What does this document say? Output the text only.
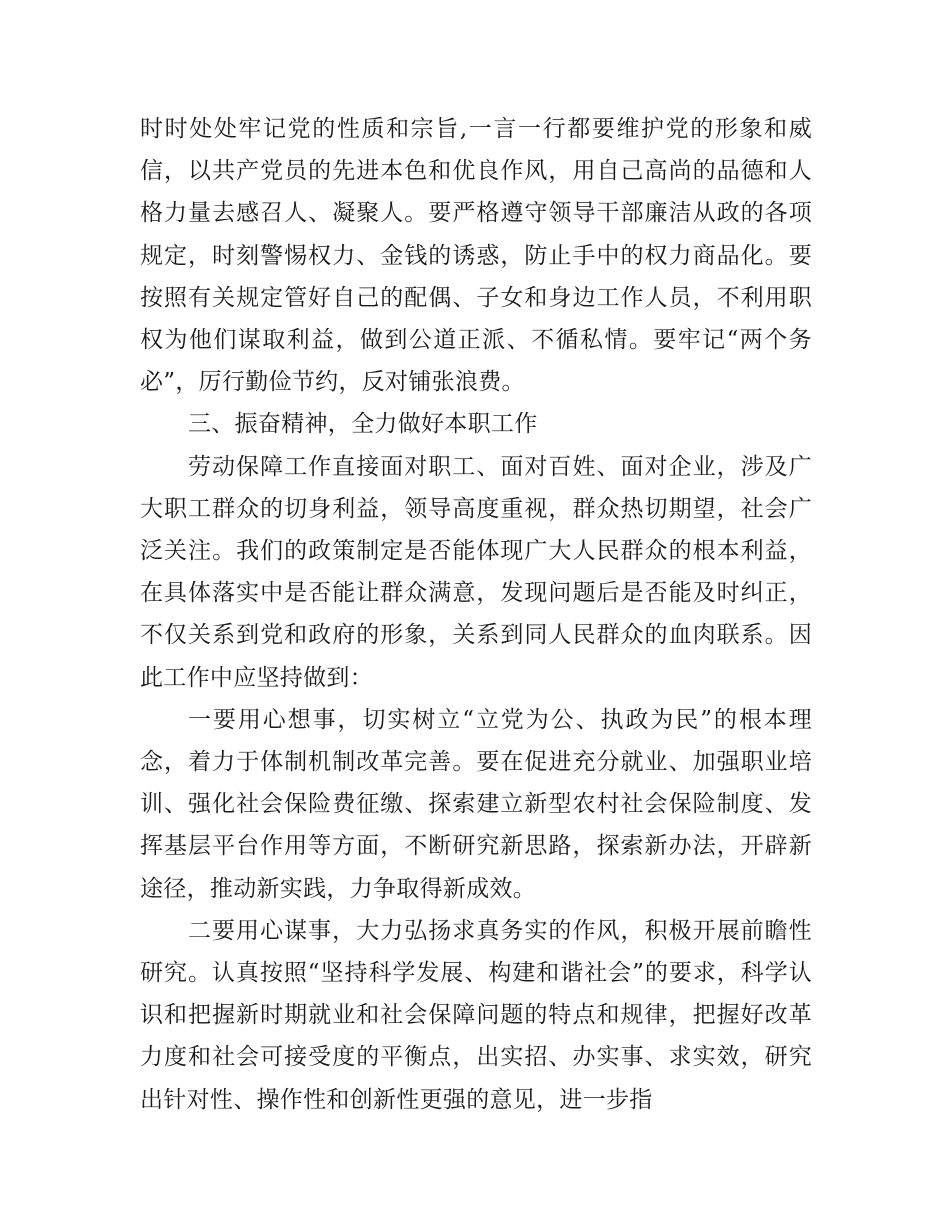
时时处处牢记党的性质和宗旨,一言一行都要维护党的形象和威信，以共产党员的先进本色和优良作风，用自己高尚的品德和人格力量去感召人、凝聚人。要严格遵守领导干部廉洁从政的各项规定，时刻警惕权力、金钱的诱惑，防止手中的权力商品化。要按照有关规定管好自己的配偶、子女和身边工作人员，不利用职权为他们谋取利益，做到公道正派、不循私情。要牢记“两个务必”，厉行勤俭节约，反对铺张浪费。

三、振奋精神，全力做好本职工作

劳动保障工作直接面对职工、面对百姓、面对企业，涉及广大职工群众的切身利益，领导高度重视，群众热切期望，社会广泛关注。我们的政策制定是否能体现广大人民群众的根本利益，在具体落实中是否能让群众满意，发现问题后是否能及时纠正，不仅关系到党和政府的形象，关系到同人民群众的血肉联系。因此工作中应坚持做到：

一要用心想事，切实树立“立党为公、执政为民”的根本理念，着力于体制机制改革完善。要在促进充分就业、加强职业培训、强化社会保险费征缴、探索建立新型农村社会保险制度、发挥基层平台作用等方面，不断研究新思路，探索新办法，开辟新途径，推动新实践，力争取得新成效。

二要用心谋事，大力弘扬求真务实的作风，积极开展前瞻性研究。认真按照“坚持科学发展、构建和谐社会”的要求，科学认识和把握新时期就业和社会保障问题的特点和规律，把握好改革力度和社会可接受度的平衡点，出实招、办实事、求实效，研究出针对性、操作性和创新性更强的意见，进一步指
